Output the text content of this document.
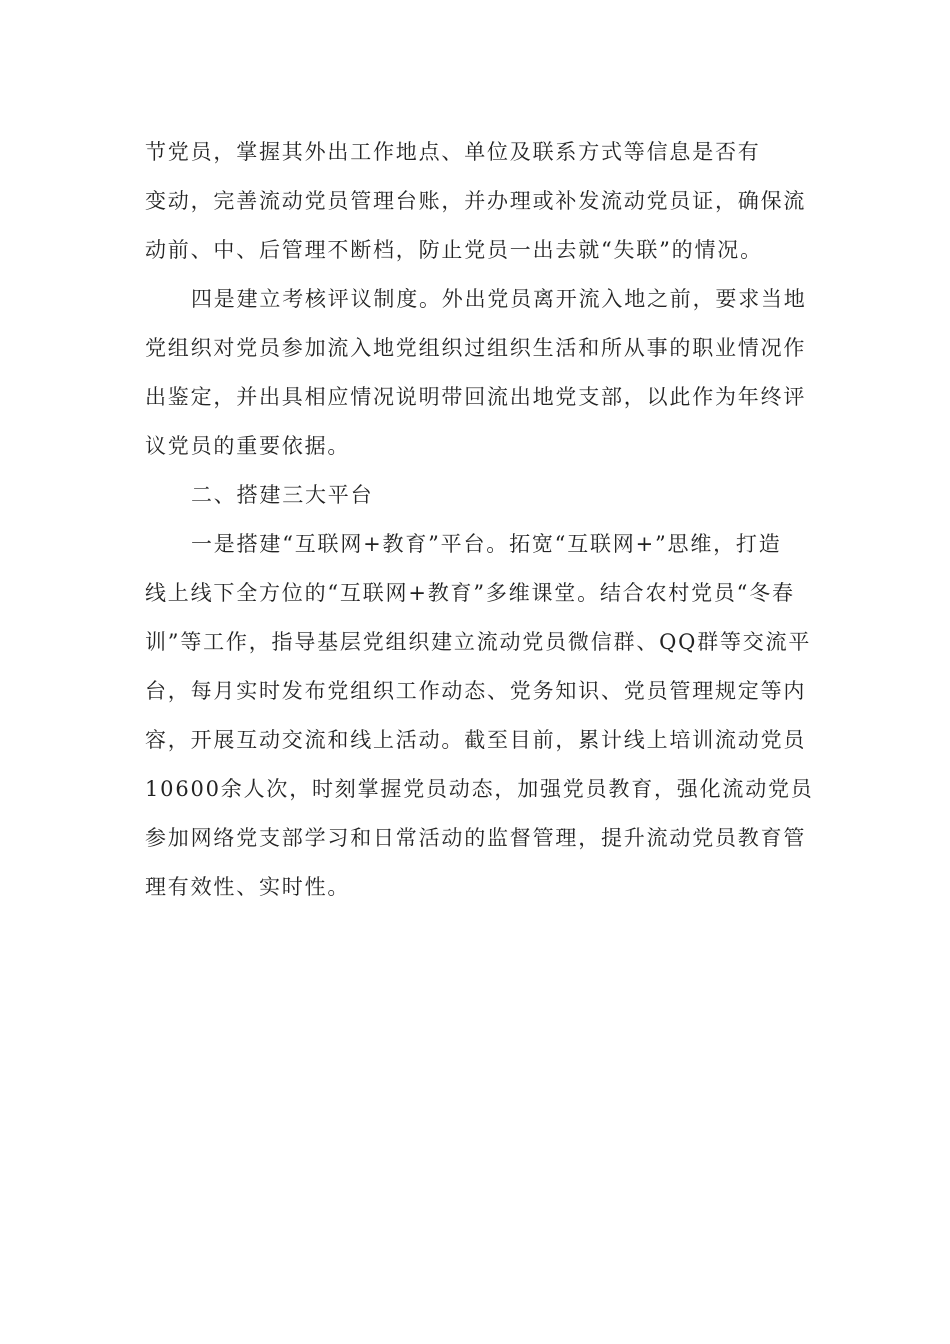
节党员，掌握其外出工作地点、单位及联系方式等信息是否有
变动，完善流动党员管理台账，并办理或补发流动党员证，确保流
动前、中、后管理不断档，防止党员一出去就“失联”的情况。

四是建立考核评议制度。外出党员离开流入地之前，要求当地
党组织对党员参加流入地党组织过组织生活和所从事的职业情况作
出鉴定，并出具相应情况说明带回流出地党支部，以此作为年终评
议党员的重要依据。

二、搭建三大平台

一是搭建“互联网+教育”平台。拓宽“互联网+”思维，打造
线上线下全方位的“互联网+教育”多维课堂。结合农村党员“冬春
训”等工作，指导基层党组织建立流动党员微信群、QQ群等交流平
台，每月实时发布党组织工作动态、党务知识、党员管理规定等内
容，开展互动交流和线上活动。截至目前，累计线上培训流动党员
10600余人次，时刻掌握党员动态，加强党员教育，强化流动党员
参加网络党支部学习和日常活动的监督管理，提升流动党员教育管
理有效性、实时性。
